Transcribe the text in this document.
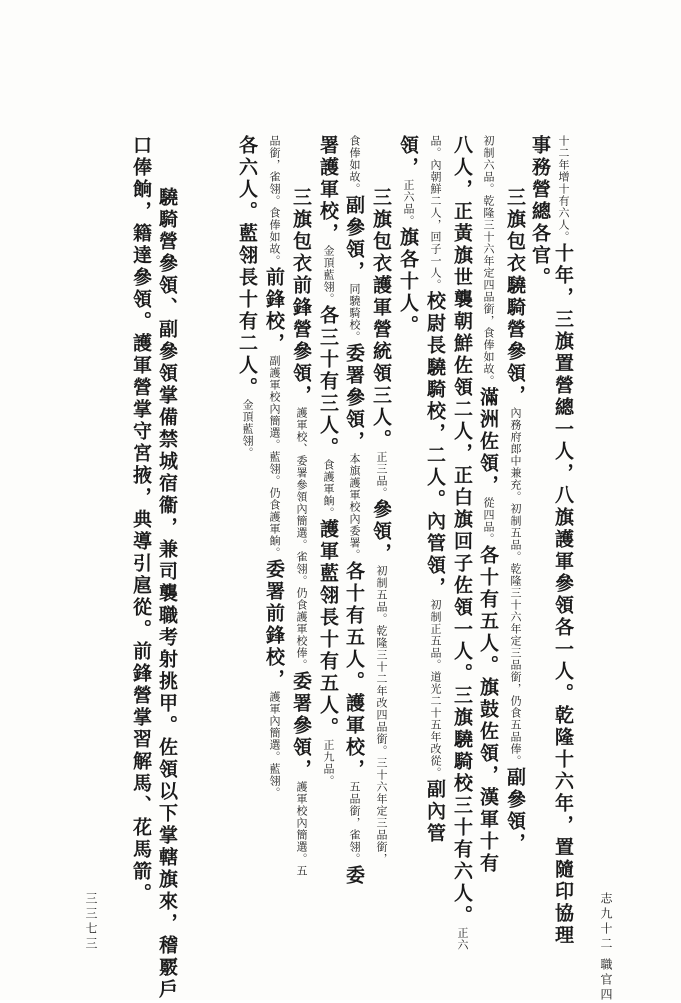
十二年增十有六人。十年，三旗置營總一人，八旗護軍參領各一人。乾隆十六年，置隨印協理
事務營總各官。
　三旗包衣驍騎營參領，內務府郎中兼充。初制五品。乾隆三十六年定三品銜，仍食五品俸。副參領，
初制六品。乾隆三十六年定四品銜，食俸如故。滿洲佐領，從四品。各十有五人。旗鼓佐領，漢軍十有
八人，正黃旗世襲朝鮮佐領二人，正白旗回子佐領一人。三旗驍騎校三十有六人。正六
品。內朝鮮二人，回子一人。校尉長驍騎校，二人。內管領，初制正五品。道光二十五年改從。副內管
領，正六品。旗各十人。
　三旗包衣護軍營統領三人。正三品。參領，初制五品。乾隆三十二年改四品銜。三十六年定三品銜，
食俸如故。副參領，同驍騎校。委署參領，本旗護軍校內委署。各十有五人。護軍校，五品銜，雀翎。委
署護軍校，金頂藍翎。各三十有三人。食護軍餉。護軍藍翎長十有五人。正九品。
　三旗包衣前鋒營參領，護軍校、委署參領內簡選。雀翎。仍食護軍校俸。委署參領，護軍校內簡選。五
品銜，雀翎。食俸如故。前鋒校，副護軍校內簡選。藍翎。仍食護軍餉。委署前鋒校，護軍內簡選。藍翎。
各六人。藍翎長十有二人。金頂藍翎。
　驍騎營參領、副參領掌備禁城宿衞，兼司襲職考射挑甲。佐領以下掌轄旗來，稽覈戶
口俸餉，籍達參領。護軍營掌守宮掖，典導引扈從。前鋒營掌習解馬、花馬箭。
志九十二
職官四
三三七三
